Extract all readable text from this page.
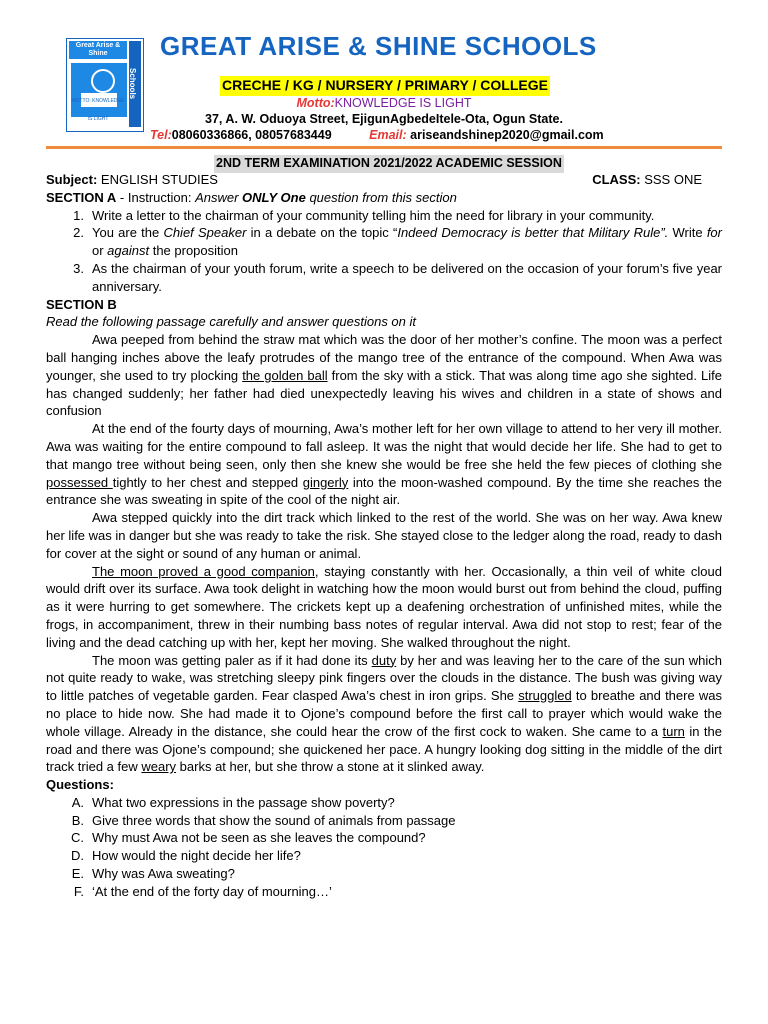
Great Arise & Shine
Schools
MOTTO: KNOWLEDGE IS LIGHT
GREAT ARISE & SHINE SCHOOLS
CRECHE / KG / NURSERY / PRIMARY / COLLEGE
Motto:KNOWLEDGE IS LIGHT
37, A. W. Oduoya Street, EjigunAgbedeItele-Ota, Ogun State.
Tel:08060336866, 08057683449	Email: ariseandshinep2020@gmail.com
2ND TERM EXAMINATION 2021/2022 ACADEMIC SESSION
Subject: ENGLISH STUDIES	CLASS: SSS ONE
SECTION A - Instruction: Answer ONLY One question from this section
1. Write a letter to the chairman of your community telling him the need for library in your community.
2. You are the Chief Speaker in a debate on the topic “Indeed Democracy is better that Military Rule”. Write for or against the proposition
3. As the chairman of your youth forum, write a speech to be delivered on the occasion of your forum’s five year anniversary.
SECTION B
Read the following passage carefully and answer questions on it
Awa peeped from behind the straw mat which was the door of her mother’s confine. The moon was a perfect ball hanging inches above the leafy protrudes of the mango tree of the entrance of the compound. When Awa was younger, she used to try plocking the golden ball from the sky with a stick. That was along time ago she sighted. Life has changed suddenly; her father had died unexpectedly leaving his wives and children in a state of shows and confusion
At the end of the fourty days of mourning, Awa’s mother left for her own village to attend to her very ill mother. Awa was waiting for the entire compound to fall asleep. It was the night that would decide her life. She had to get to that mango tree without being seen, only then she knew she would be free she held the few pieces of clothing she possessed tightly to her chest and stepped gingerly into the moon-washed compound. By the time she reaches the entrance she was sweating in spite of the cool of the night air.
Awa stepped quickly into the dirt track which linked to the rest of the world. She was on her way. Awa knew her life was in danger but she was ready to take the risk. She stayed close to the ledger along the road, ready to dash for cover at the sight or sound of any human or animal.
The moon proved a good companion, staying constantly with her. Occasionally, a thin veil of white cloud would drift over its surface. Awa took delight in watching how the moon would burst out from behind the cloud, puffing as it were hurring to get somewhere. The crickets kept up a deafening orchestration of unfinished mites, while the frogs, in accompaniment, threw in their numbing bass notes of regular interval. Awa did not stop to rest; fear of the living and the dead catching up with her, kept her moving. She walked throughout the night.
The moon was getting paler as if it had done its duty by her and was leaving her to the care of the sun which not quite ready to wake, was stretching sleepy pink fingers over the clouds in the distance. The bush was giving way to little patches of vegetable garden. Fear clasped Awa’s chest in iron grips. She struggled to breathe and there was no place to hide now. She had made it to Ojone’s compound before the first call to prayer which would wake the whole village. Already in the distance, she could hear the crow of the first cock to waken. She came to a turn in the road and there was Ojone’s compound; she quickened her pace. A hungry looking dog sitting in the middle of the dirt track tried a few weary barks at her, but she throw a stone at it slinked away.
Questions:
A. What two expressions in the passage show poverty?
B. Give three words that show the sound of animals from passage
C. Why must Awa not be seen as she leaves the compound?
D. How would the night decide her life?
E. Why was Awa sweating?
F. ‘At the end of the forty day of mourning…’
